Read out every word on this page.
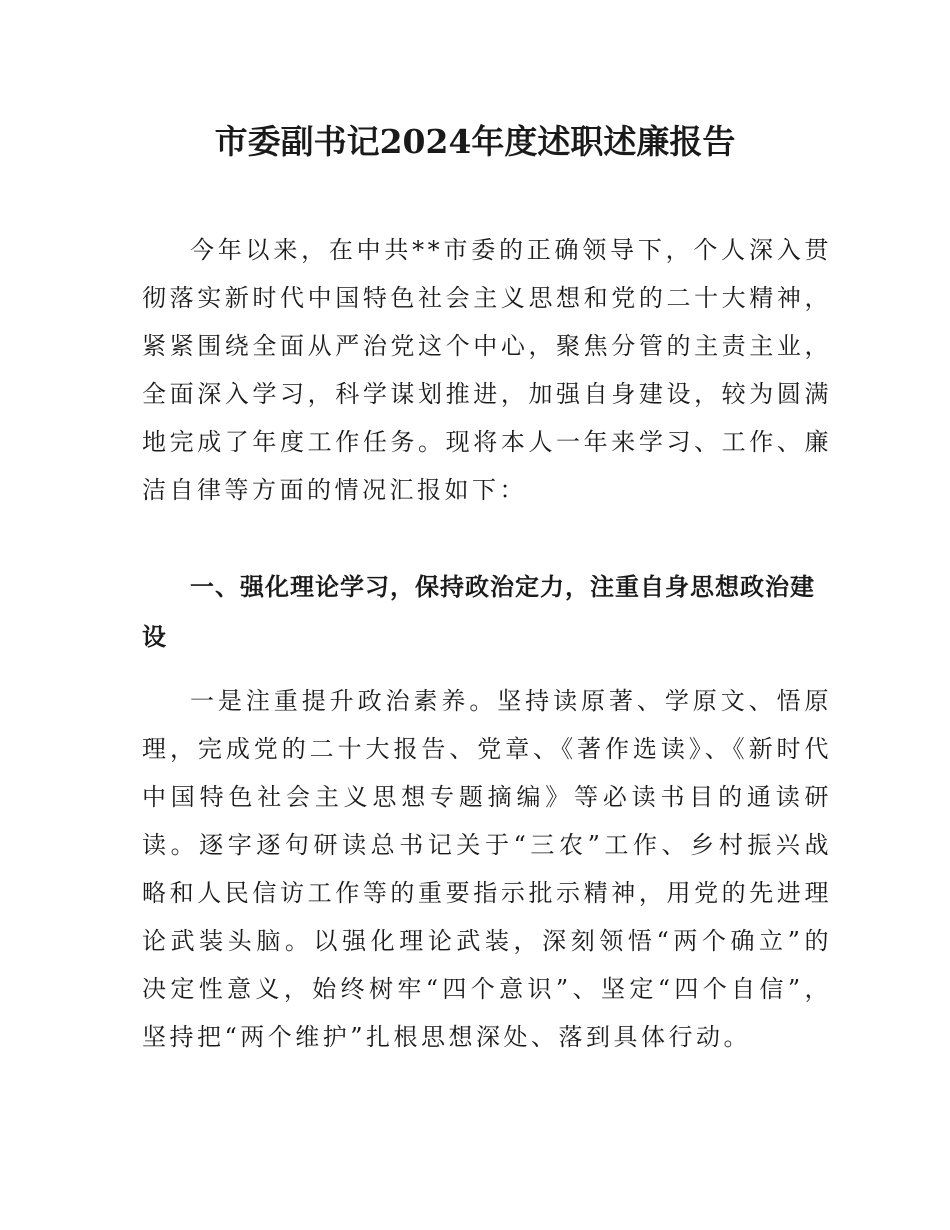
市委副书记2024年度述职述廉报告

今年以来，在中共**市委的正确领导下，个人深入贯彻落实新时代中国特色社会主义思想和党的二十大精神，紧紧围绕全面从严治党这个中心，聚焦分管的主责主业，全面深入学习，科学谋划推进，加强自身建设，较为圆满地完成了年度工作任务。现将本人一年来学习、工作、廉洁自律等方面的情况汇报如下：

一、强化理论学习，保持政治定力，注重自身思想政治建设

一是注重提升政治素养。坚持读原著、学原文、悟原理，完成党的二十大报告、党章、《著作选读》、《新时代中国特色社会主义思想专题摘编》等必读书目的通读研读。逐字逐句研读总书记关于“三农”工作、乡村振兴战略和人民信访工作等的重要指示批示精神，用党的先进理论武装头脑。以强化理论武装，深刻领悟“两个确立”的决定性意义，始终树牢“四个意识”、坚定“四个自信”，坚持把“两个维护”扎根思想深处、落到具体行动。
